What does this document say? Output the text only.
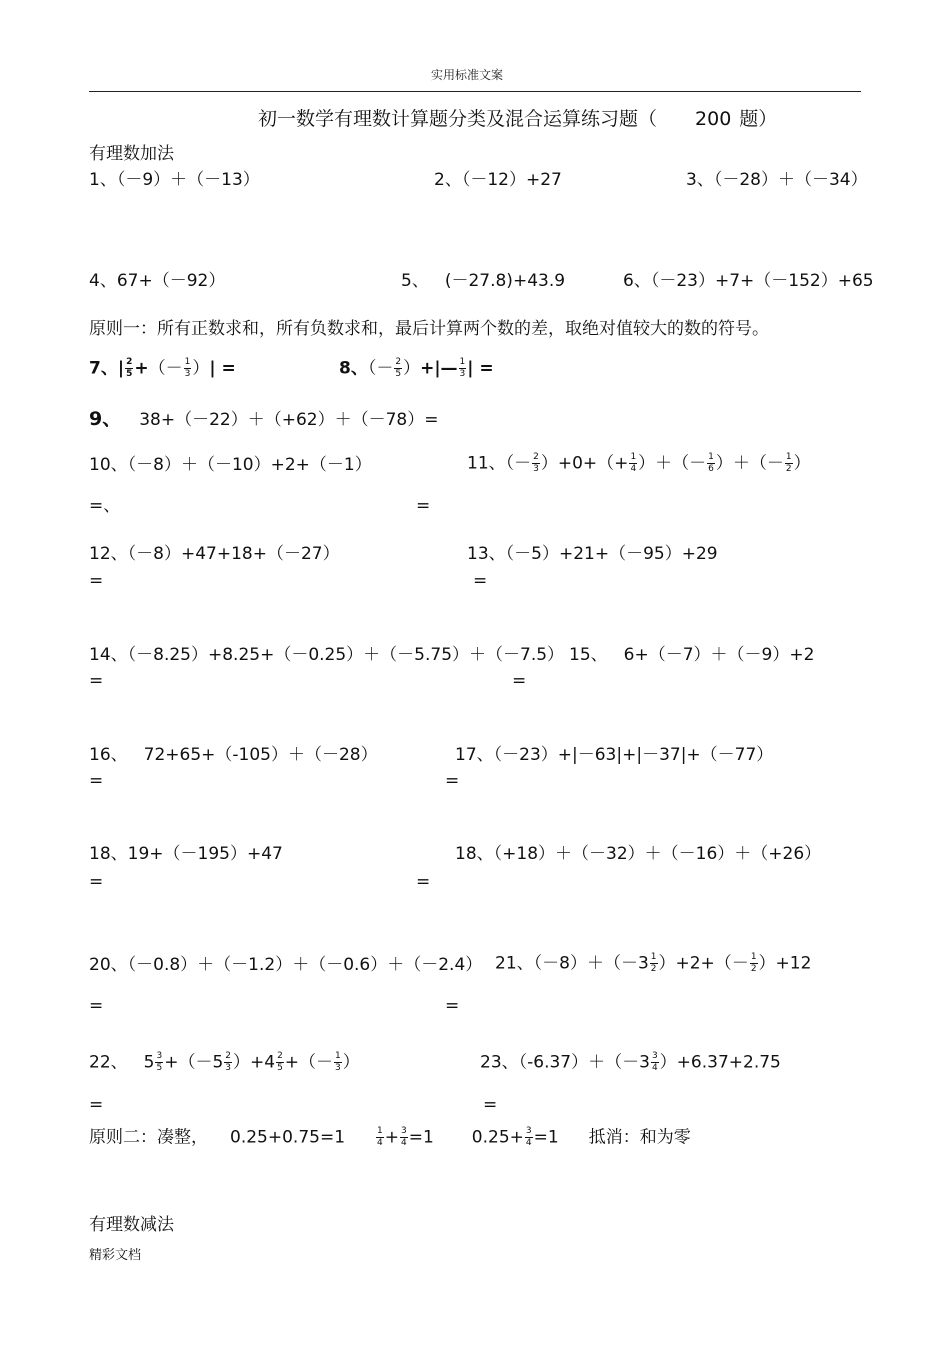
实用标准文案
初一数学有理数计算题分类及混合运算练习题（ 200 题）
有理数加法
1、（－9）＋（－13）	2、（－12）+27	3、（－28）＋（－34）
4、67+（－92）	5、 (－27.8)+43.9	6、（－23）+7+（－152）+65
原则一：所有正数求和，所有负数求和，最后计算两个数的差，取绝对值较大的数的符号。
7、| $\frac{2}{5}$ +（－ $\frac{1}{3}$ ）| =	8、（－ $\frac{2}{5}$ ）+|— $\frac{1}{3}$ | =
9、 38+（－22）＋（+62）＋（－78）=
10、（－8）＋（－10）+2+（－1）	11、（－ $\frac{2}{3} )+0+(+ \frac{1}{4}$ ）＋（－ $\frac{1}{6}$ ）＋（－ $\frac{1}{2}$ ）
=、	=
12、（－8）+47+18+（－27）	13、（－5）+21+（－95）+29
=	=
14、（－8.25）+8.25+（－0.25）＋（－5.75）＋（－7.5） 15、 6+（－7）＋（－9）+2
=	=
16、 72+65+（-105）＋（－28）	17、（－23）+|－63|+|－37|+（－77）
=	=
18、19+（－195）+47	18、（+18）＋（－32）＋（－16）＋（+26）
=	=
20、（－0.8）＋（－1.2）＋（－0.6）＋（－2.4） 21、$(-8)+(-3 \frac{1}{2} )+2+(- \frac{1}{2} )+12$
=	=
22、 $5 \frac{3}{5} +(-5 \frac{2}{3} )+4 \frac{2}{5}$ +（－ $\frac{1}{3}$ ）	23、$(-6.37)+(-3 \frac{3}{4} )+6.37+2.75$
=	=
原则二：凑整， 0.25+0.75=1	$\frac{1}{4} + \frac{3}{4} =1$ $0.25+ \frac{3}{4} =1$ 抵消：和为零
有理数减法
精彩文档
